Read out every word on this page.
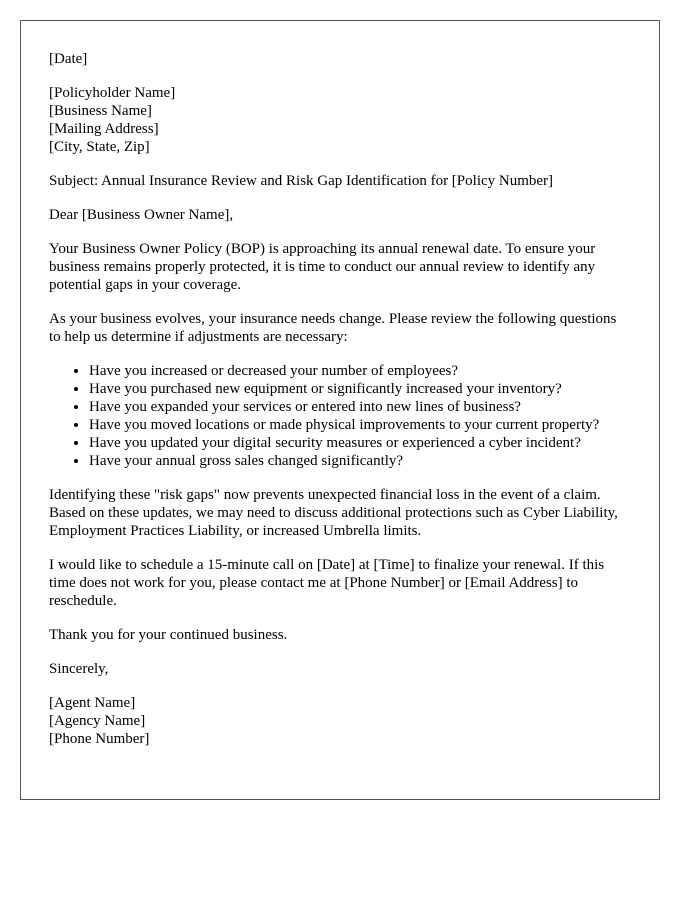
[Date]
[Policyholder Name]
[Business Name]
[Mailing Address]
[City, State, Zip]

Subject: Annual Insurance Review and Risk Gap Identification for [Policy Number]

Dear [Business Owner Name],

Your Business Owner Policy (BOP) is approaching its annual renewal date. To ensure your business remains properly protected, it is time to conduct our annual review to identify any potential gaps in your coverage.

As your business evolves, your insurance needs change. Please review the following questions to help us determine if adjustments are necessary:

• Have you increased or decreased your number of employees?
• Have you purchased new equipment or significantly increased your inventory?
• Have you expanded your services or entered into new lines of business?
• Have you moved locations or made physical improvements to your current property?
• Have you updated your digital security measures or experienced a cyber incident?
• Have your annual gross sales changed significantly?

Identifying these "risk gaps" now prevents unexpected financial loss in the event of a claim. Based on these updates, we may need to discuss additional protections such as Cyber Liability, Employment Practices Liability, or increased Umbrella limits.

I would like to schedule a 15-minute call on [Date] at [Time] to finalize your renewal. If this time does not work for you, please contact me at [Phone Number] or [Email Address] to reschedule.

Thank you for your continued business.

Sincerely,

[Agent Name]
[Agency Name]
[Phone Number]
